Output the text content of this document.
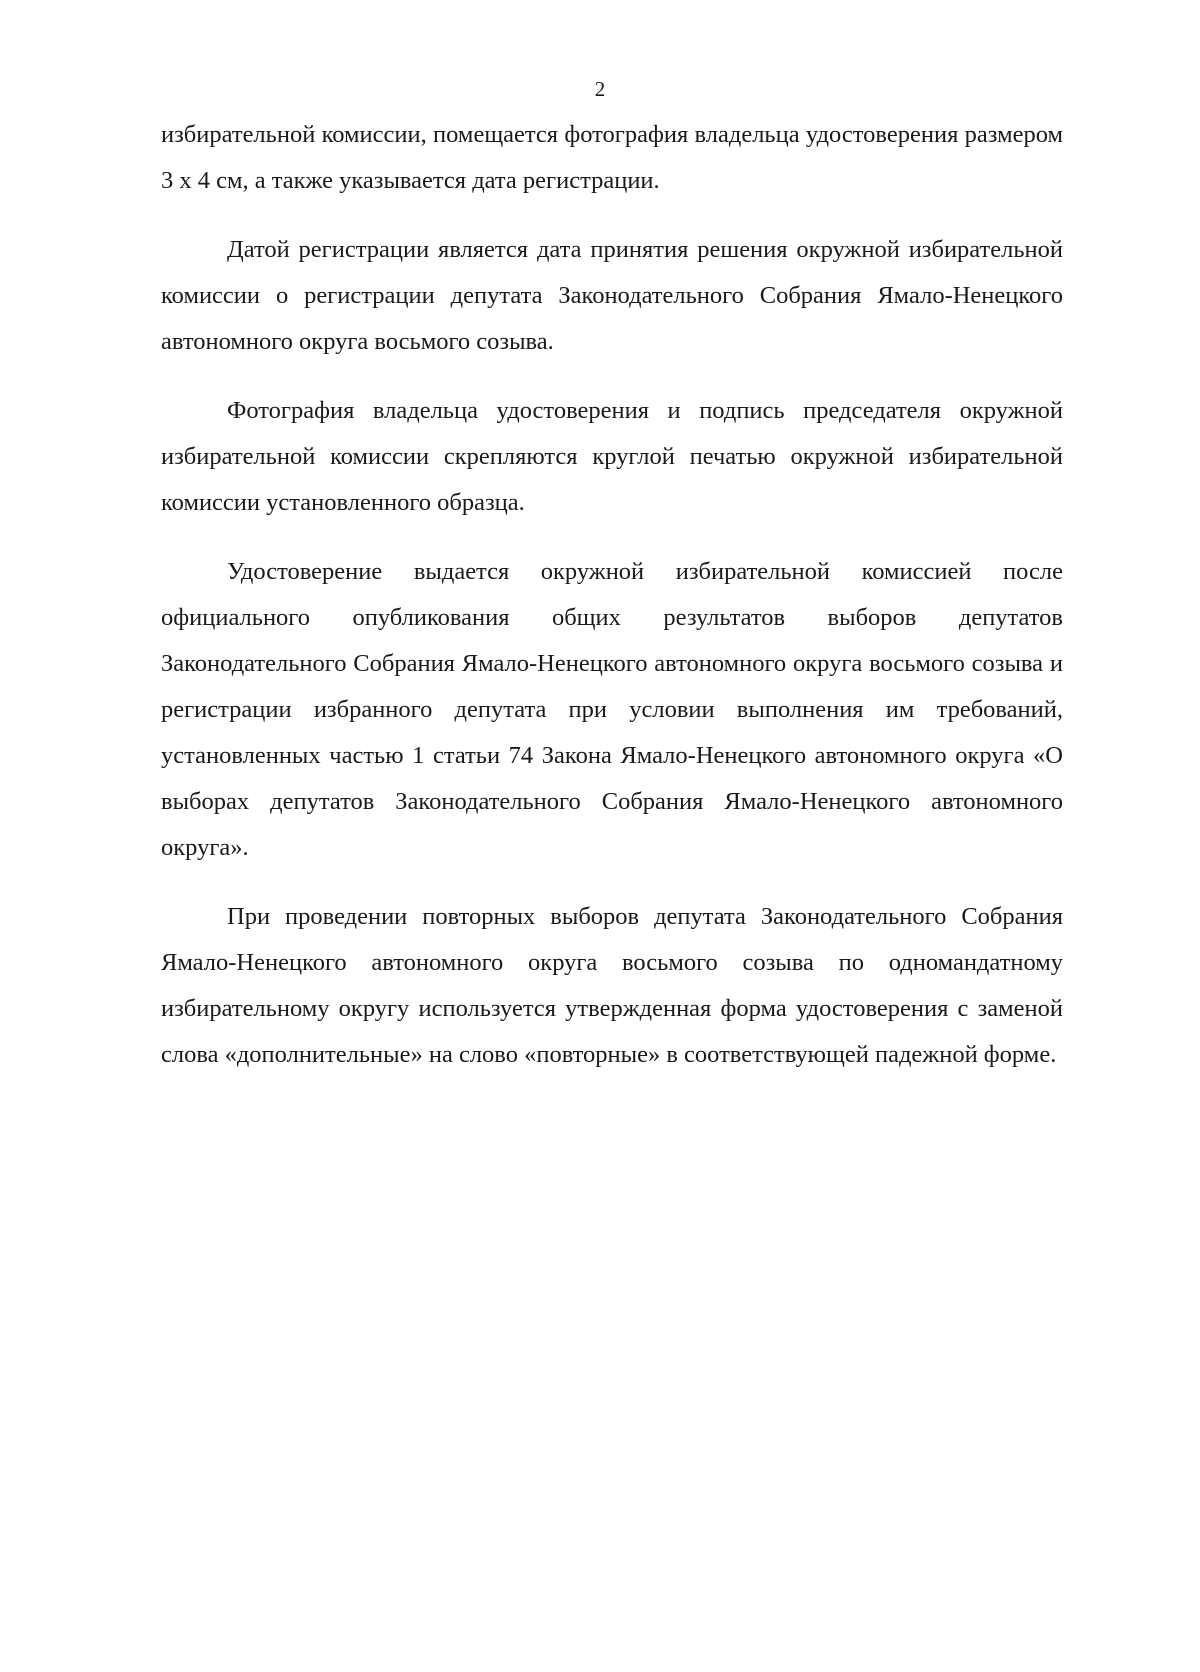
2

избирательной комиссии, помещается фотография владельца удостоверения размером 3 х 4 см, а также указывается дата регистрации.

Датой регистрации является дата принятия решения окружной избирательной комиссии о регистрации депутата Законодательного Собрания Ямало-Ненецкого автономного округа восьмого созыва.

Фотография владельца удостоверения и подпись председателя окружной избирательной комиссии скрепляются круглой печатью окружной избирательной комиссии установленного образца.

Удостоверение выдается окружной избирательной комиссией после официального опубликования общих результатов выборов депутатов Законодательного Собрания Ямало-Ненецкого автономного округа восьмого созыва и регистрации избранного депутата при условии выполнения им требований, установленных частью 1 статьи 74 Закона Ямало-Ненецкого автономного округа «О выборах депутатов Законодательного Собрания Ямало-Ненецкого автономного округа».

При проведении повторных выборов депутата Законодательного Собрания Ямало-Ненецкого автономного округа восьмого созыва по одномандатному избирательному округу используется утвержденная форма удостоверения с заменой слова «дополнительные» на слово «повторные» в соответствующей падежной форме.
